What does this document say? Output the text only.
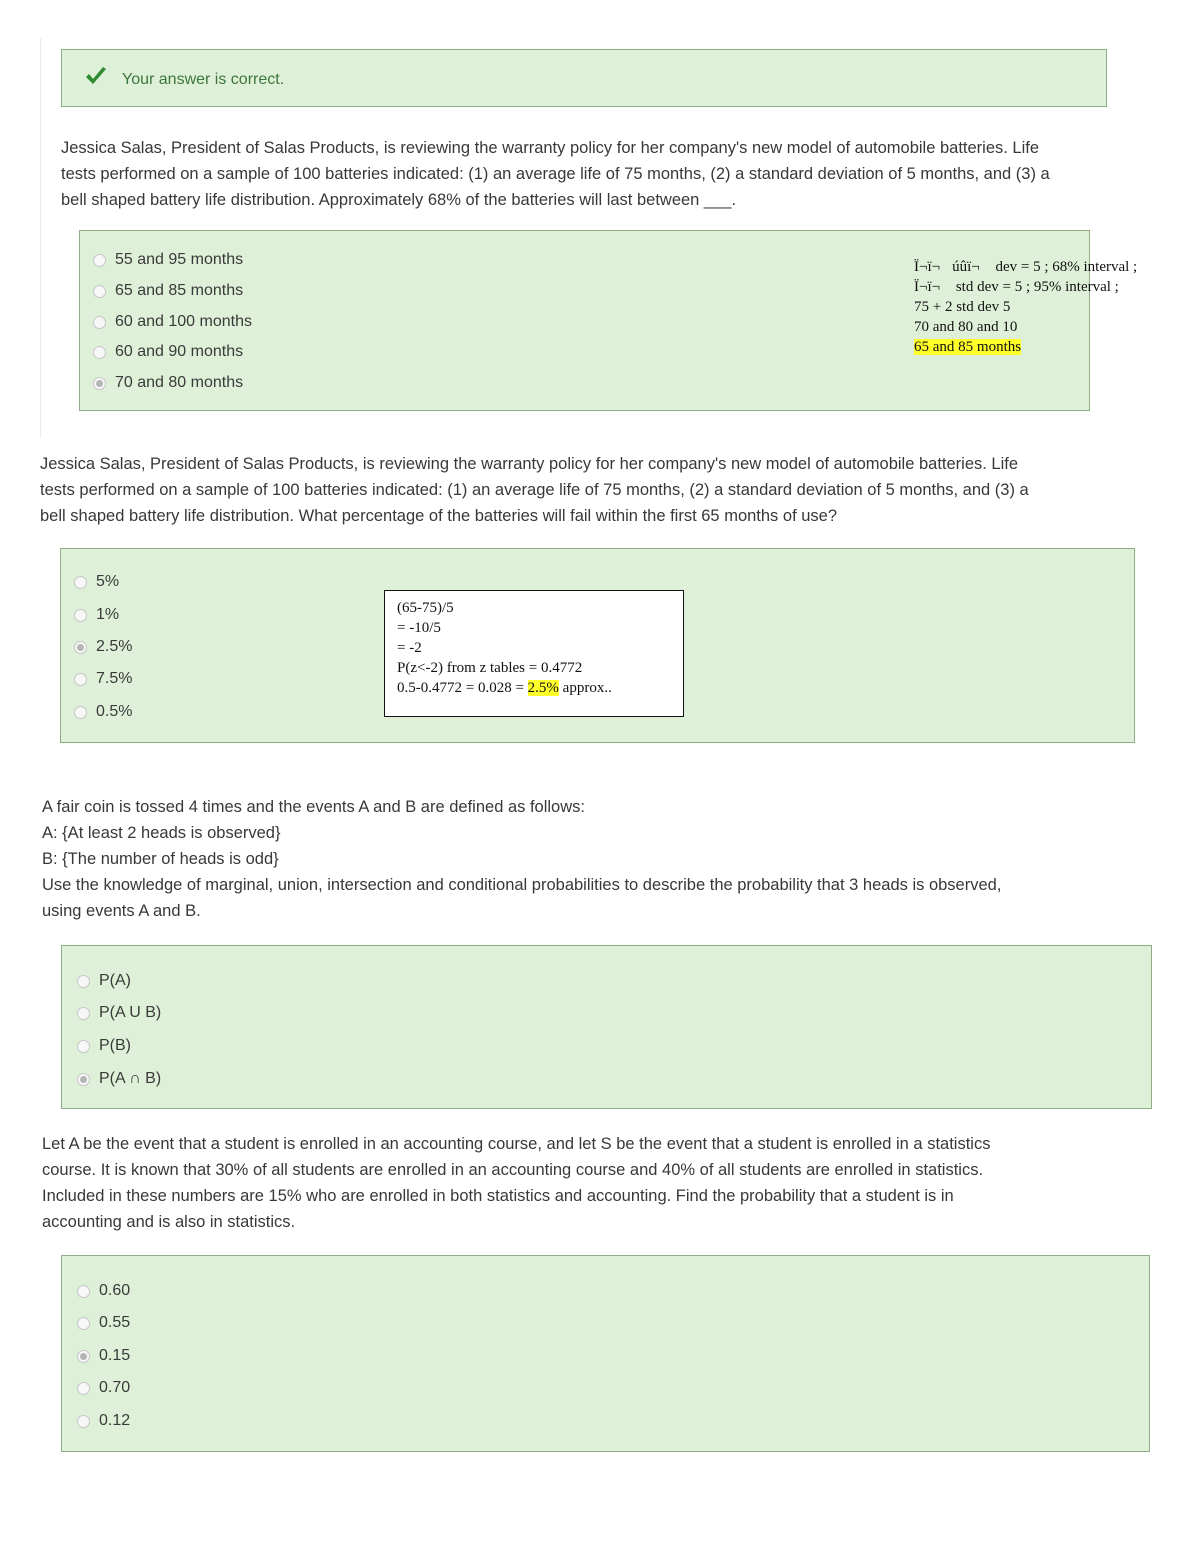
Your answer is correct.
Jessica Salas, President of Salas Products, is reviewing the warranty policy for her company's new model of automobile batteries. Life
tests performed on a sample of 100 batteries indicated: (1) an average life of 75 months, (2) a standard deviation of 5 months, and (3) a
bell shaped battery life distribution. Approximately 68% of the batteries will last between ___.
55 and 95 months
65 and 85 months
60 and 100 months
60 and 90 months
70 and 80 months
Ï¬ï¬úûï¬ dev = 5 ; 68% interval ;
Ï¬ï¬ std dev = 5 ; 95% interval ;
75 + 2 std dev 5
70 and 80 and 10
65 and 85 months
Jessica Salas, President of Salas Products, is reviewing the warranty policy for her company's new model of automobile batteries. Life
tests performed on a sample of 100 batteries indicated: (1) an average life of 75 months, (2) a standard deviation of 5 months, and (3) a
bell shaped battery life distribution. What percentage of the batteries will fail within the first 65 months of use?
5%
1%
2.5%
7.5%
0.5%
(65-75)/5
= -10/5
= -2
P(z<-2) from z tables = 0.4772
0.5-0.4772 = 0.028 = 2.5% approx..
A fair coin is tossed 4 times and the events A and B are defined as follows:
A: {At least 2 heads is observed}
B: {The number of heads is odd}
Use the knowledge of marginal, union, intersection and conditional probabilities to describe the probability that 3 heads is observed,
using events A and B.
P(A)
P(A U B)
P(B)
P(A ∩ B)
Let A be the event that a student is enrolled in an accounting course, and let S be the event that a student is enrolled in a statistics
course. It is known that 30% of all students are enrolled in an accounting course and 40% of all students are enrolled in statistics.
Included in these numbers are 15% who are enrolled in both statistics and accounting. Find the probability that a student is in
accounting and is also in statistics.
0.60
0.55
0.15
0.70
0.12
